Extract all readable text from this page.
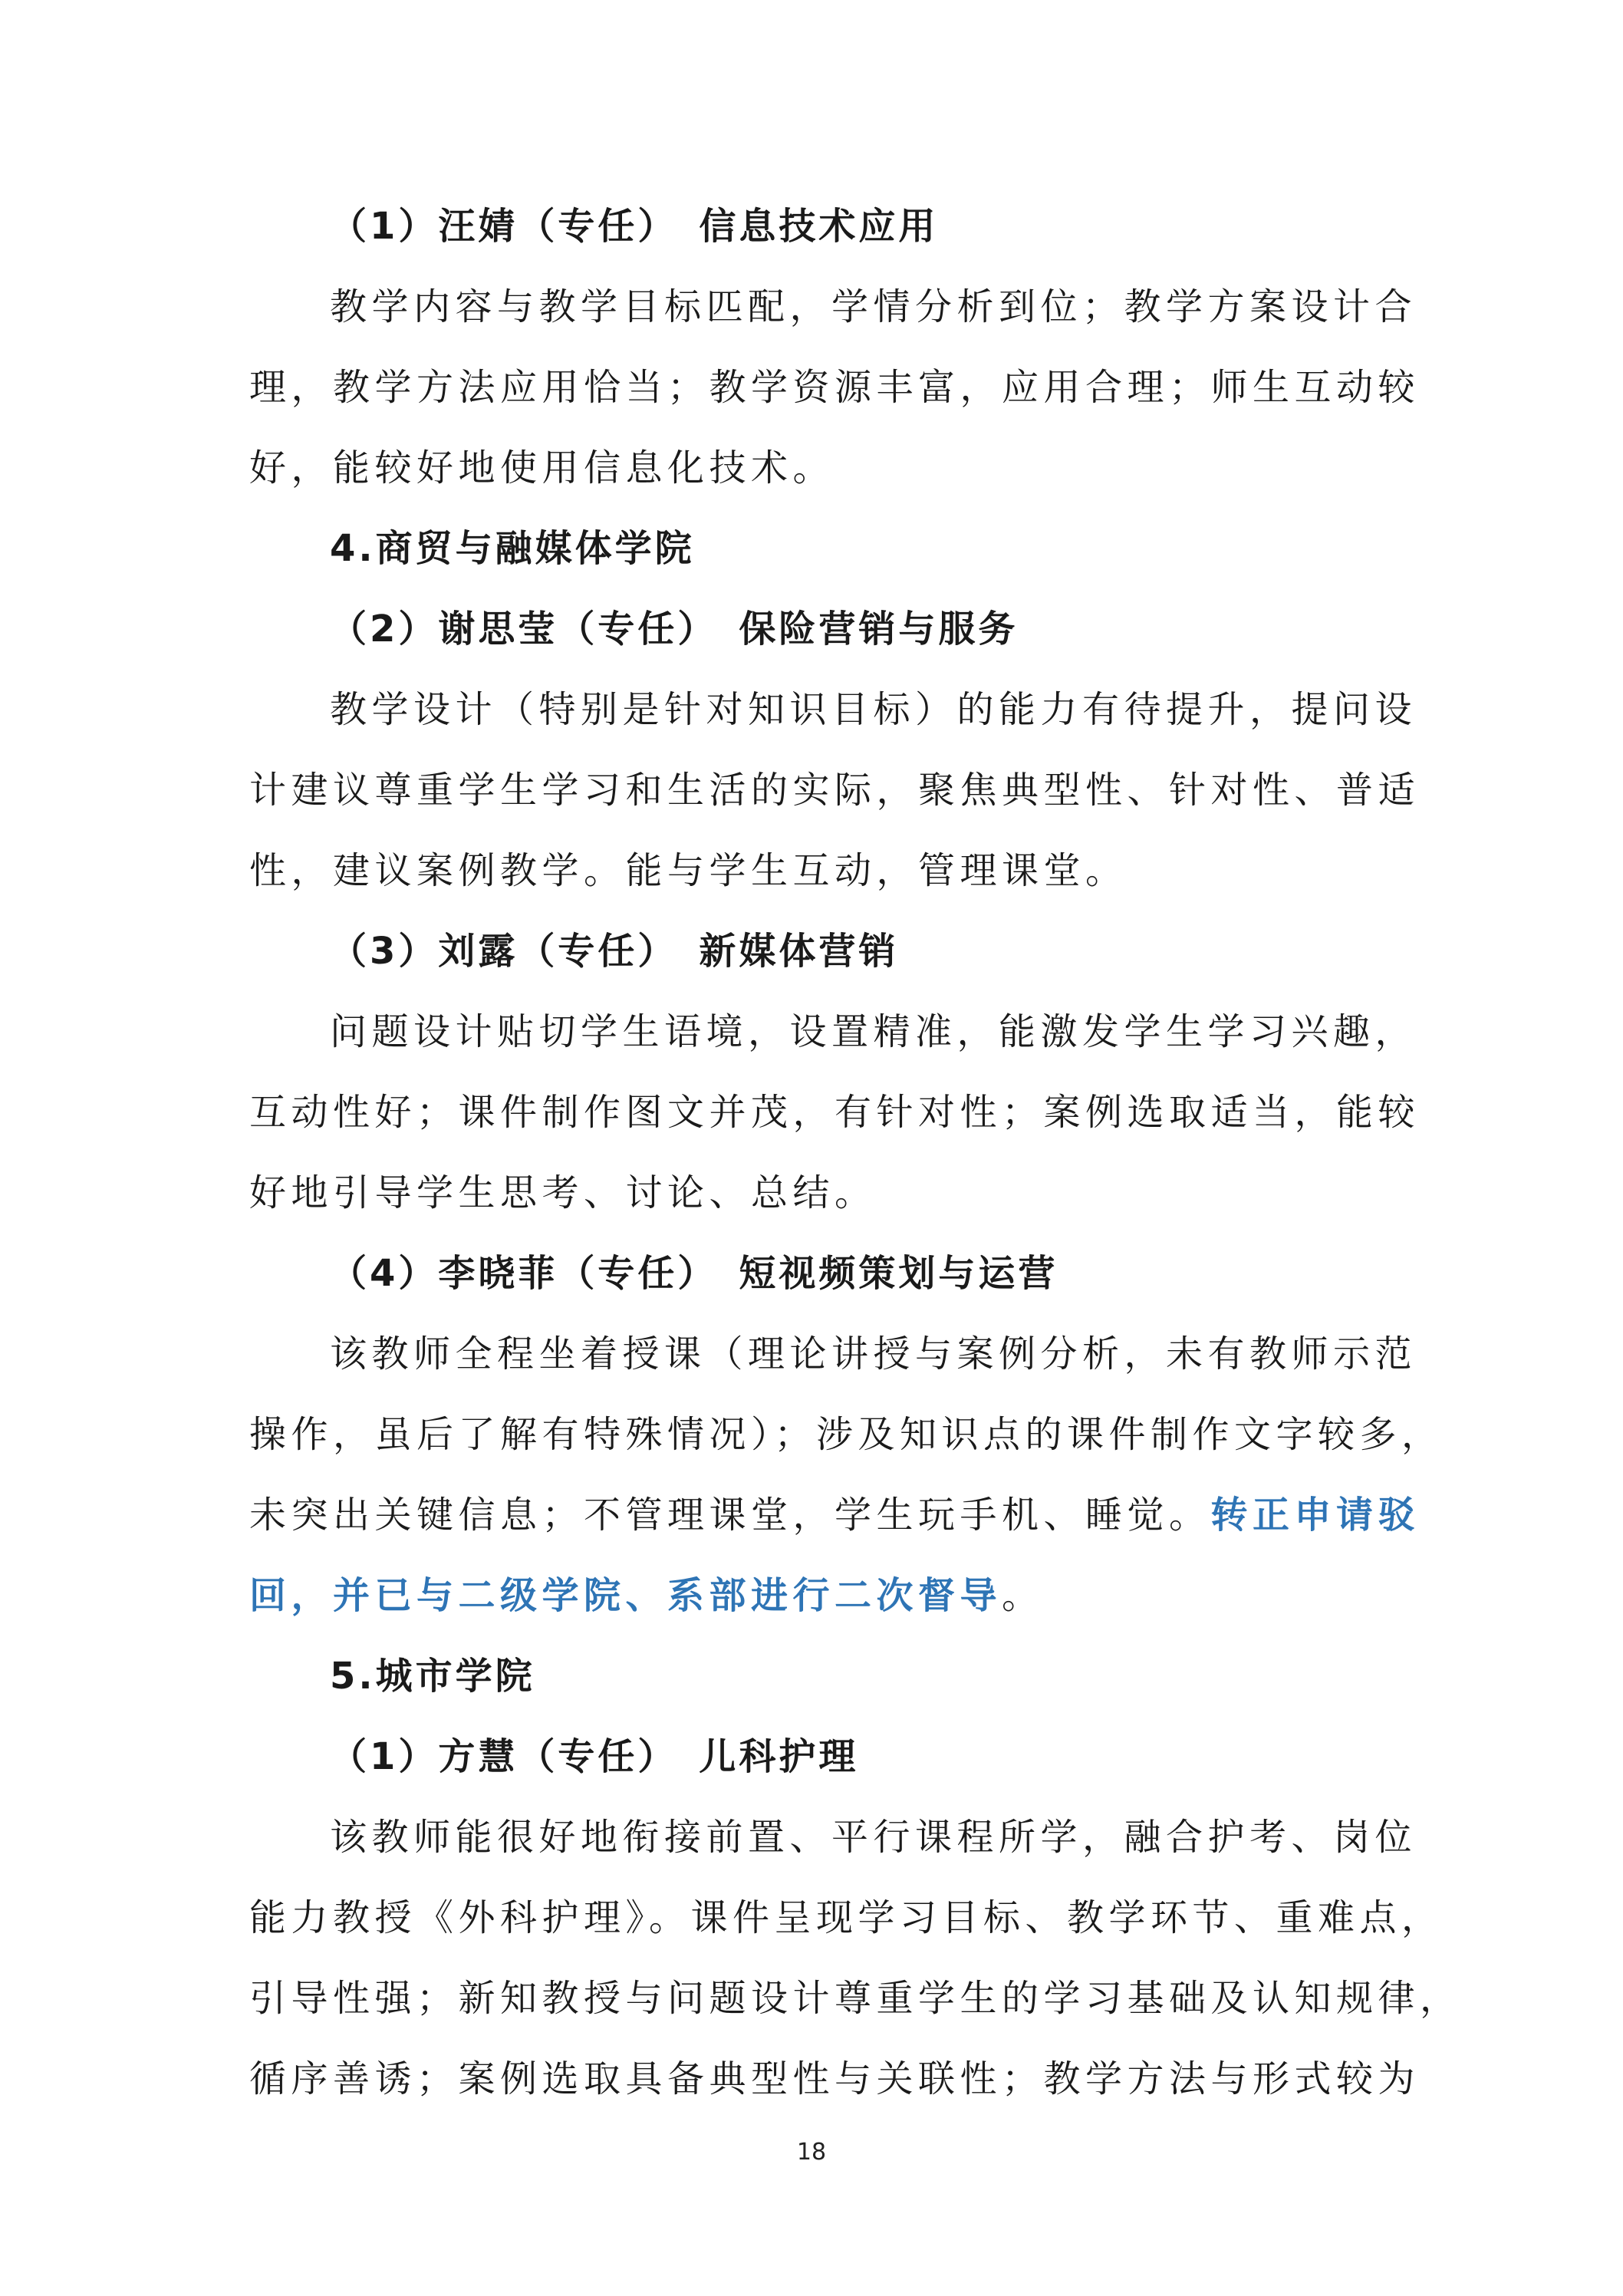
（1）汪婧（专任） 信息技术应用
教学内容与教学目标匹配，学情分析到位；教学方案设计合
理，教学方法应用恰当；教学资源丰富，应用合理；师生互动较
好，能较好地使用信息化技术。
4.商贸与融媒体学院
（2）谢思莹（专任） 保险营销与服务
教学设计（特别是针对知识目标）的能力有待提升，提问设
计建议尊重学生学习和生活的实际，聚焦典型性、针对性、普适
性，建议案例教学。能与学生互动，管理课堂。
（3）刘露（专任） 新媒体营销
问题设计贴切学生语境，设置精准，能激发学生学习兴趣，
互动性好；课件制作图文并茂，有针对性；案例选取适当，能较
好地引导学生思考、讨论、总结。
（4）李晓菲（专任） 短视频策划与运营
该教师全程坐着授课（理论讲授与案例分析，未有教师示范
操作，虽后了解有特殊情况）；涉及知识点的课件制作文字较多，
未突出关键信息；不管理课堂，学生玩手机、睡觉。转正申请驳
回，并已与二级学院、系部进行二次督导。
5.城市学院
（1）方慧（专任） 儿科护理
该教师能很好地衔接前置、平行课程所学，融合护考、岗位
能力教授《外科护理》。课件呈现学习目标、教学环节、重难点，
引导性强；新知教授与问题设计尊重学生的学习基础及认知规律，
循序善诱；案例选取具备典型性与关联性；教学方法与形式较为
18
